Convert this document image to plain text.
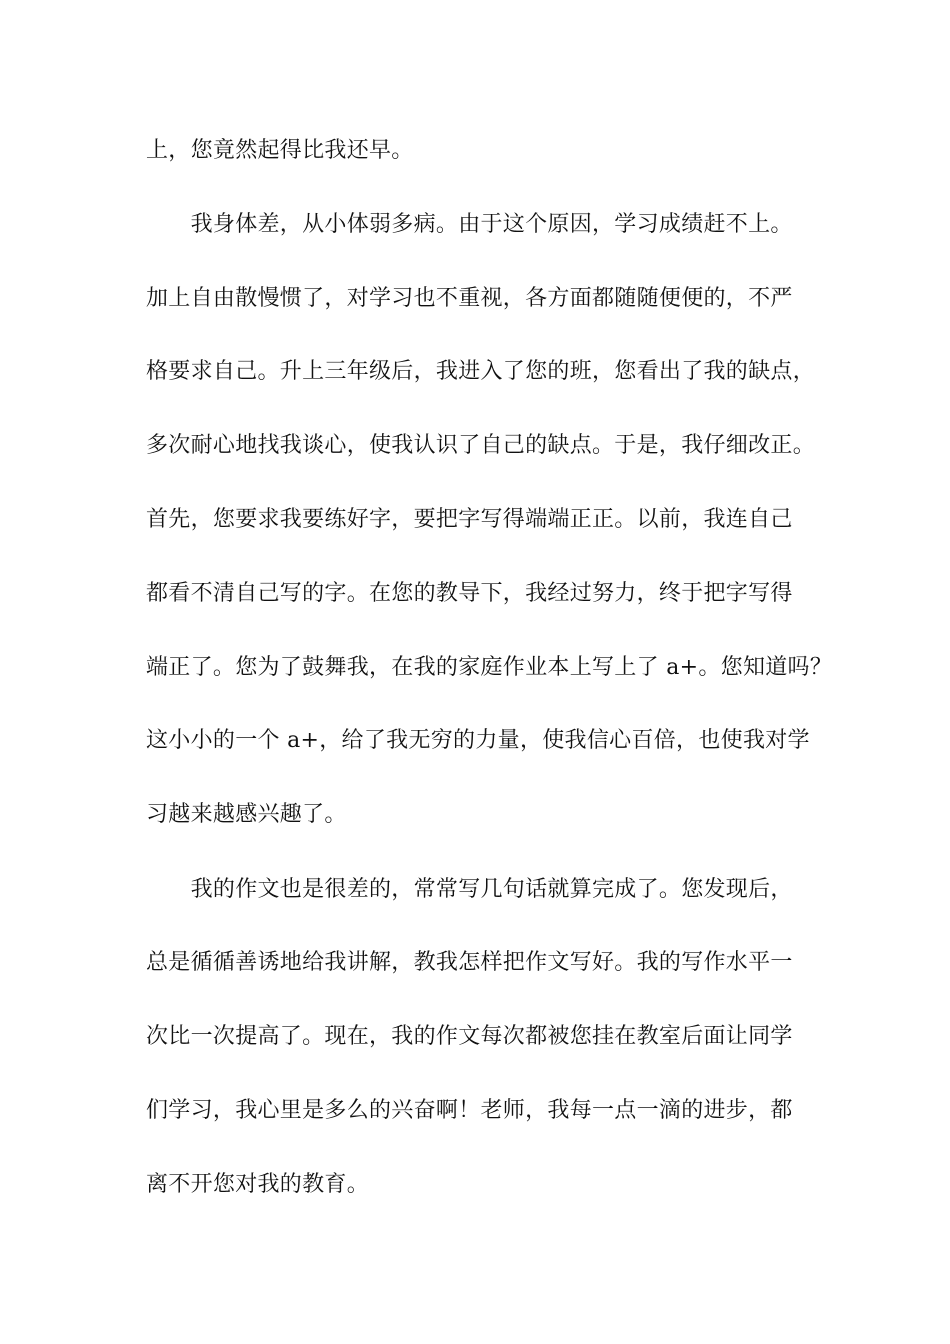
上，您竟然起得比我还早。
　　我身体差，从小体弱多病。由于这个原因，学习成绩赶不上。
加上自由散慢惯了，对学习也不重视，各方面都随随便便的，不严
格要求自己。升上三年级后，我进入了您的班，您看出了我的缺点，
多次耐心地找我谈心，使我认识了自己的缺点。于是，我仔细改正。
首先，您要求我要练好字，要把字写得端端正正。以前，我连自己
都看不清自己写的字。在您的教导下，我经过努力，终于把字写得
端正了。您为了鼓舞我，在我的家庭作业本上写上了 a+。您知道吗？
这小小的一个 a+，给了我无穷的力量，使我信心百倍，也使我对学
习越来越感兴趣了。
　　我的作文也是很差的，常常写几句话就算完成了。您发现后，
总是循循善诱地给我讲解，教我怎样把作文写好。我的写作水平一
次比一次提高了。现在，我的作文每次都被您挂在教室后面让同学
们学习，我心里是多么的兴奋啊！老师，我每一点一滴的进步，都
离不开您对我的教育。
